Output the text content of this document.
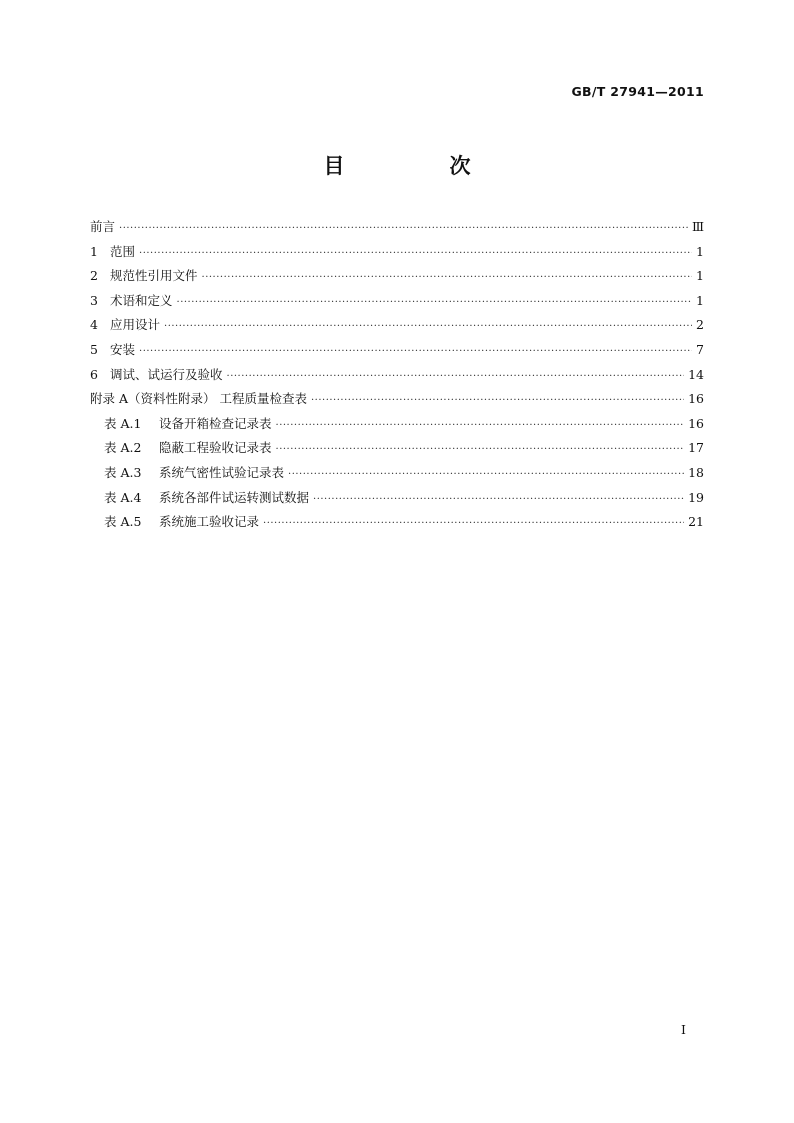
GB/T 27941—2011
目　次
前言 ·····	Ⅲ
1 范围 ·····	1
2 规范性引用文件 ·····	1
3 术语和定义 ·····	1
4 应用设计 ·····	2
5 安装 ·····	7
6 调试、试运行及验收 ·····	14
附录 A（资料性附录） 工程质量检查表 ·····	16
表 A.1	设备开箱检查记录表 ·····	16
表 A.2	隐蔽工程验收记录表 ·····	17
表 A.3	系统气密性试验记录表 ·····	18
表 A.4	系统各部件试运转测试数据 ·····	19
表 A.5	系统施工验收记录 ·····	21
I
